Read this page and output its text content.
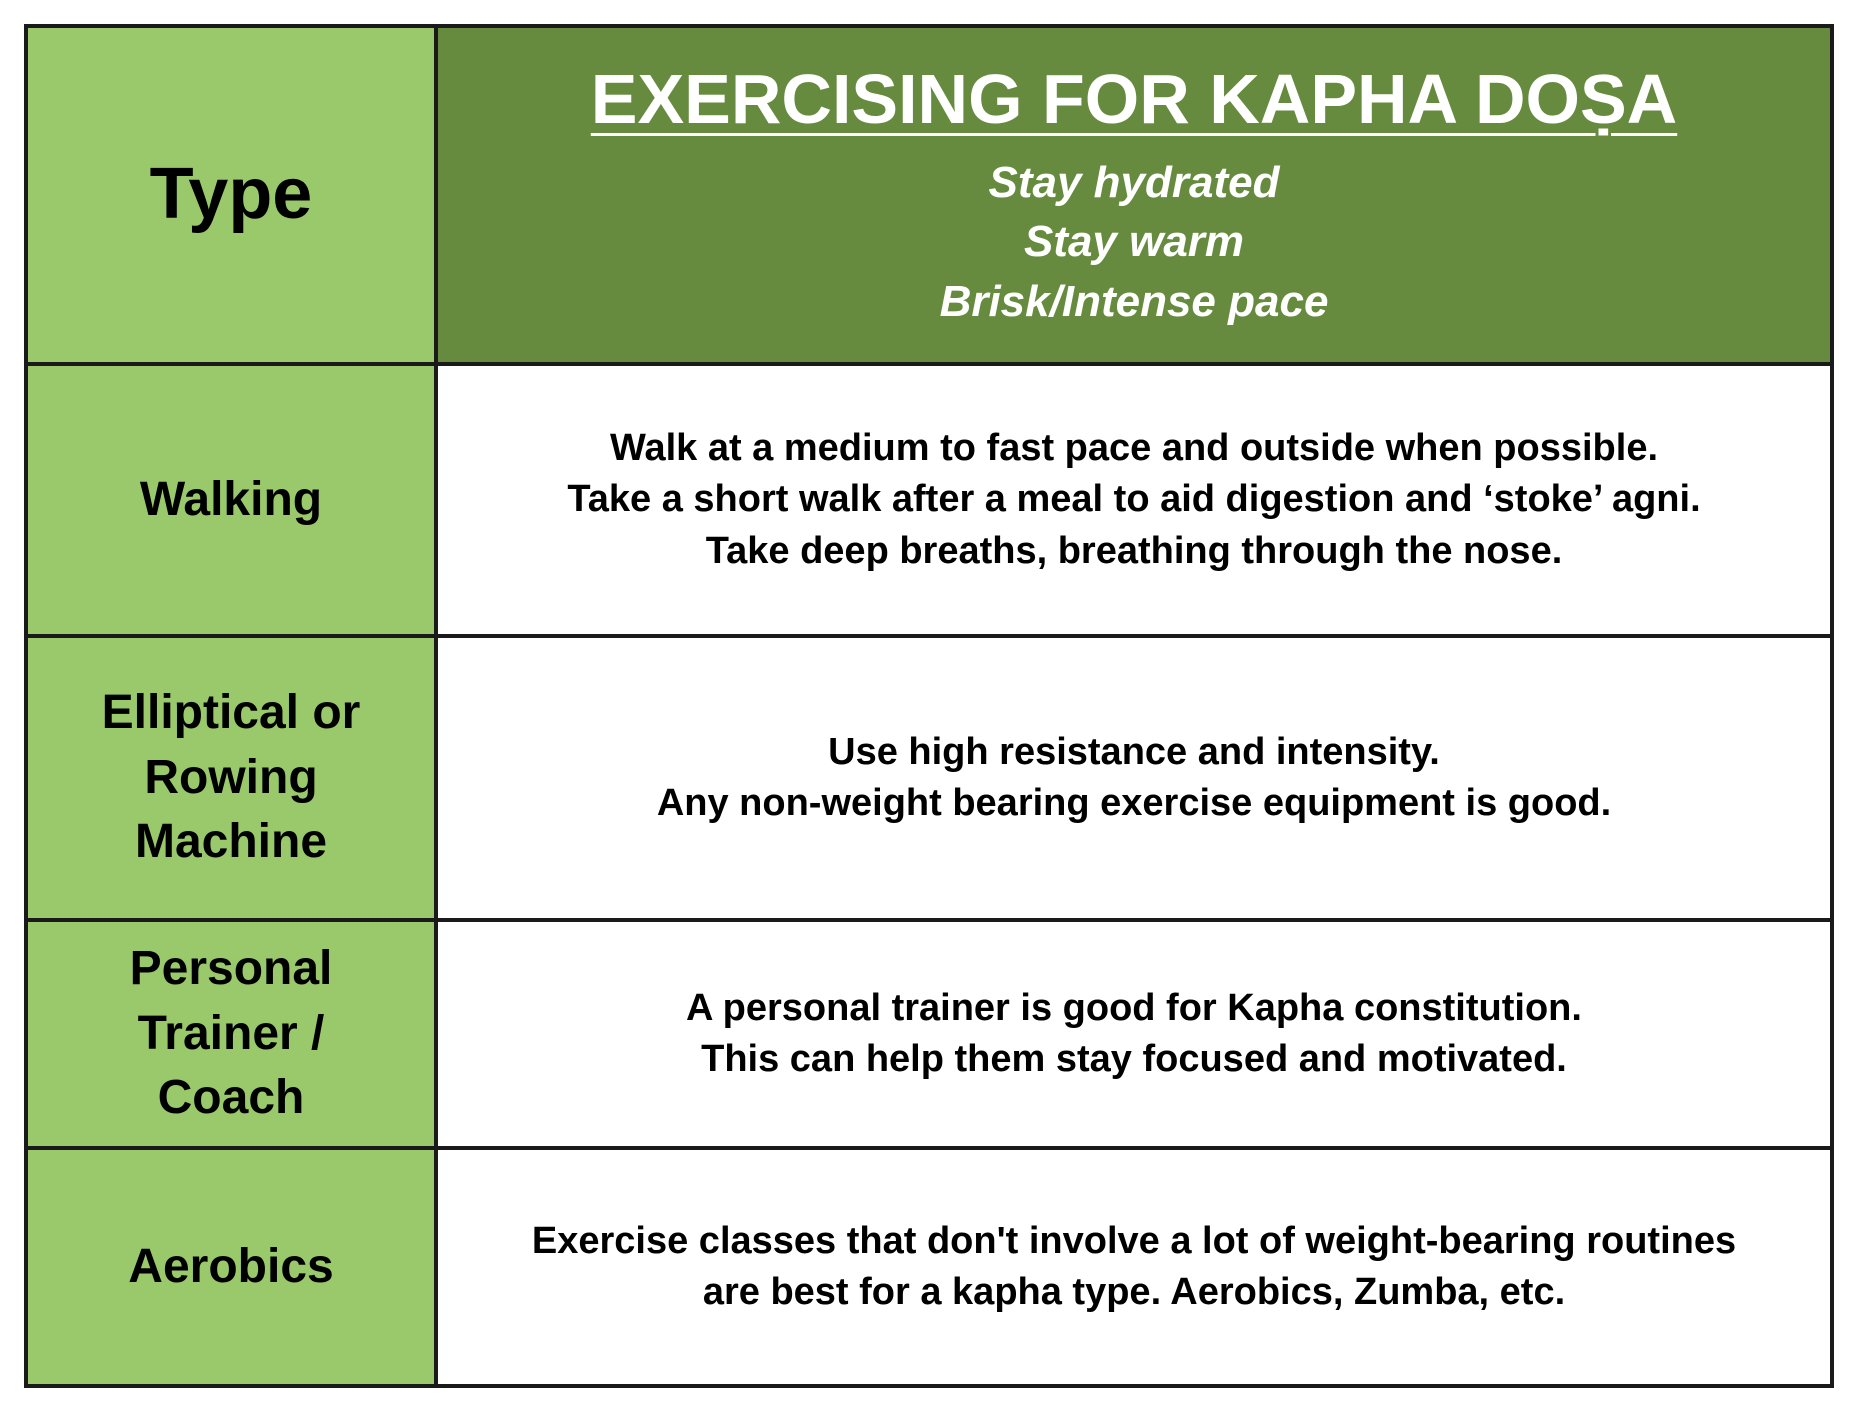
Type	EXERCISING FOR KAPHA DOṢA
Stay hydrated
Stay warm
Brisk/Intense pace

Walking	Walk at a medium to fast pace and outside when possible.
Take a short walk after a meal to aid digestion and ‘stoke’ agni.
Take deep breaths, breathing through the nose.

Elliptical or
Rowing
Machine	Use high resistance and intensity.
Any non-weight bearing exercise equipment is good.

Personal
Trainer /
Coach	A personal trainer is good for Kapha constitution.
This can help them stay focused and motivated.

Aerobics	Exercise classes that don't involve a lot of weight-bearing routines
are best for a kapha type. Aerobics, Zumba, etc.
